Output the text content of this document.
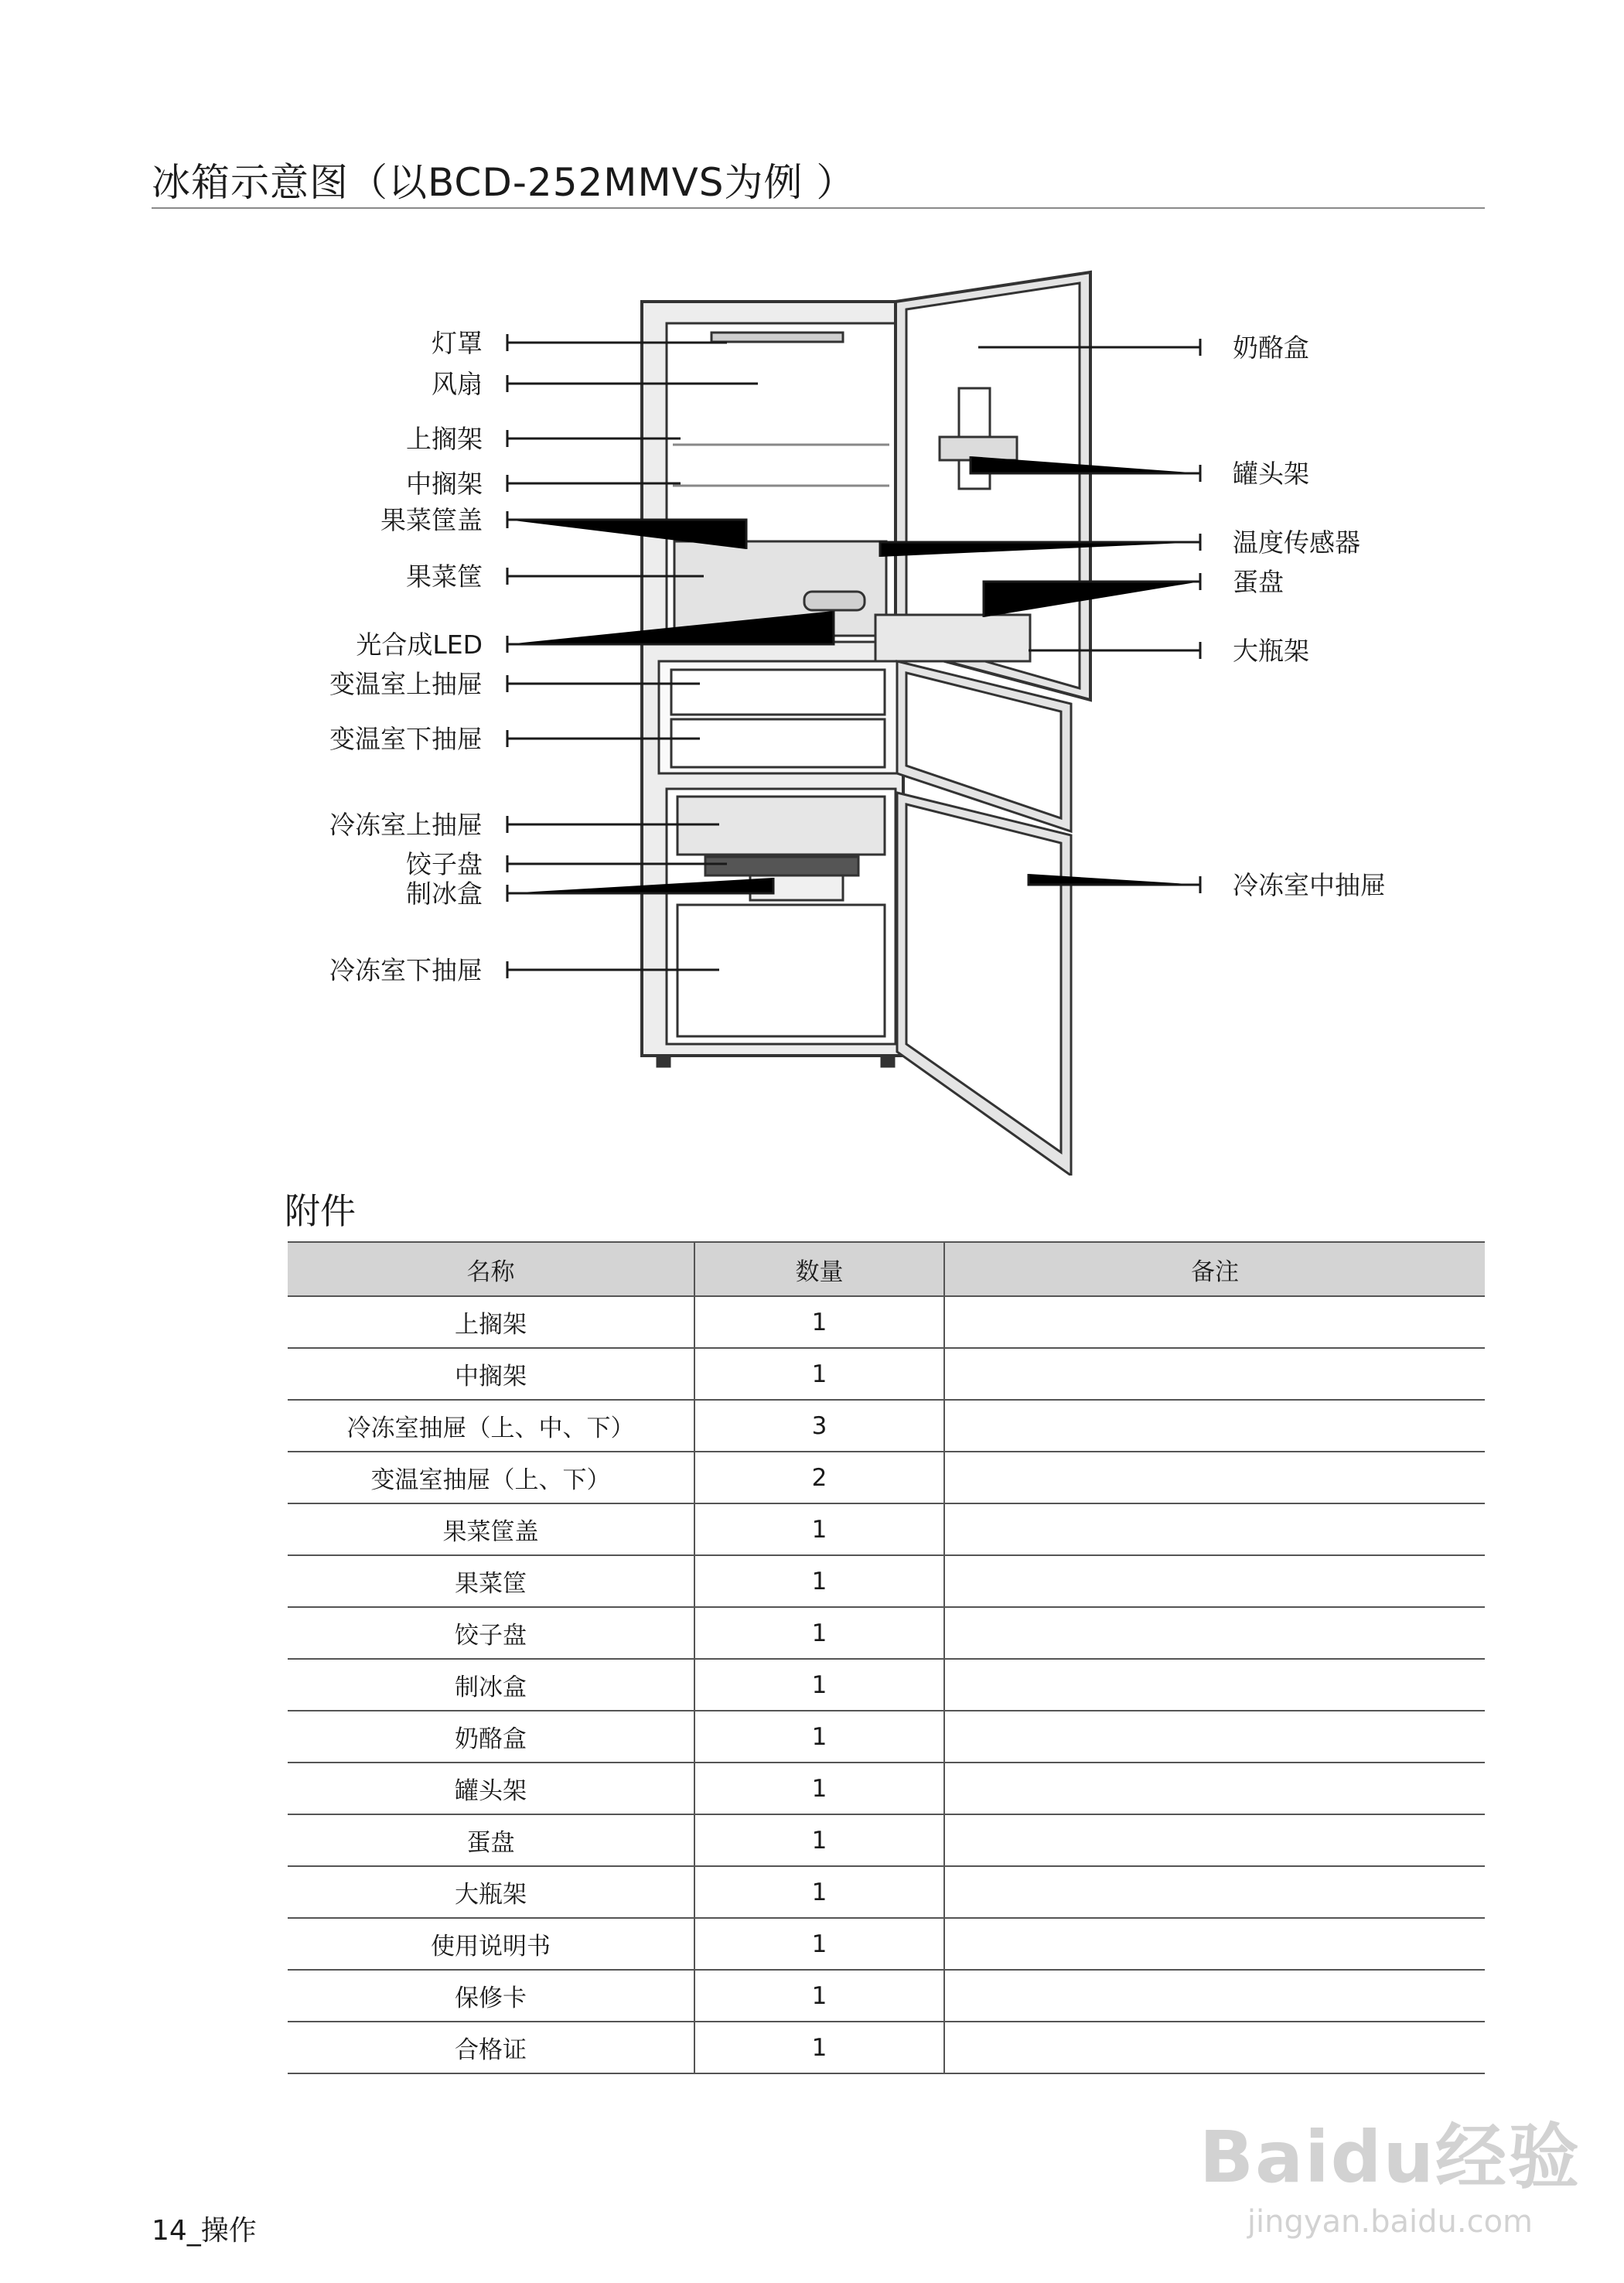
冰箱示意图（以BCD-252MMVS为例 ）
灯罩
风扇
上搁架
中搁架
果菜筐盖
果菜筐
光合成LED
变温室上抽屉
变温室下抽屉
冷冻室上抽屉
饺子盘
制冰盒
冷冻室下抽屉
奶酪盒
罐头架
温度传感器
蛋盘
大瓶架
冷冻室中抽屉
附件
名称	数量	备注
上搁架	1	
中搁架	1	
冷冻室抽屉（上、中、下）	3	
变温室抽屉（上、下）	2	
果菜筐盖	1	
果菜筐	1	
饺子盘	1	
制冰盒	1	
奶酪盒	1	
罐头架	1	
蛋盘	1	
大瓶架	1	
使用说明书	1	
保修卡	1	
合格证	1	
14_操作
Baidu经验
jingyan.baidu.com
